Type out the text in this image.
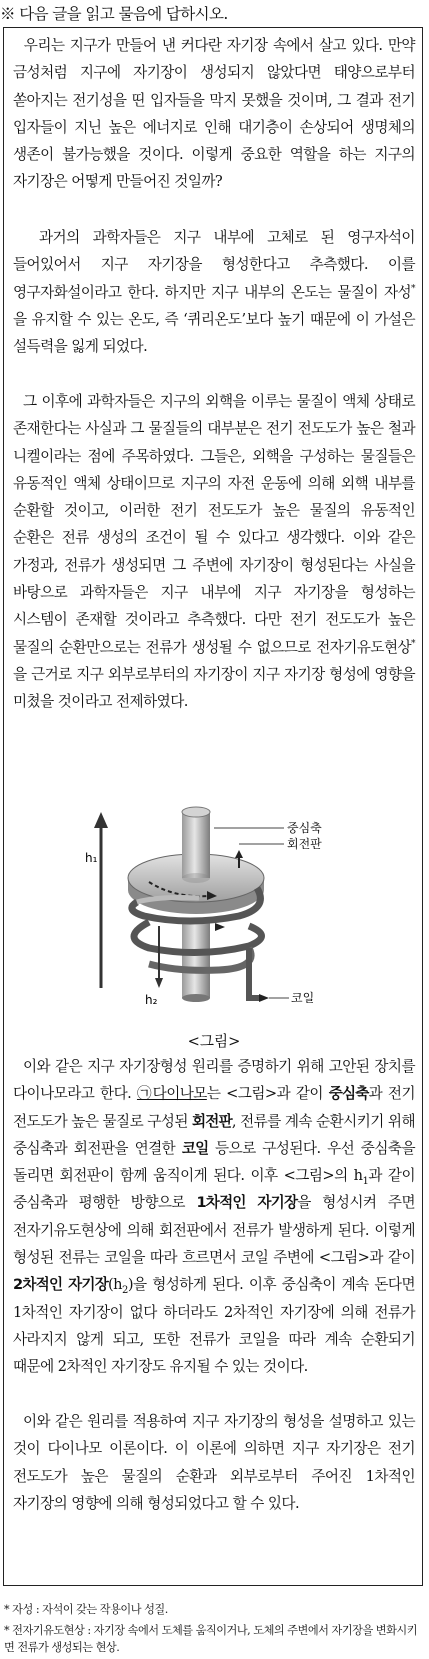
※ 다음 글을 읽고 물음에 답하시오.

우리는 지구가 만들어 낸 커다란 자기장 속에서 살고 있다. 만약 금성처럼 지구에 자기장이 생성되지 않았다면 태양으로부터 쏟아지는 전기성을 띤 입자들을 막지 못했을 것이며, 그 결과 전기 입자들이 지닌 높은 에너지로 인해 대기층이 손상되어 생명체의 생존이 불가능했을 것이다. 이렇게 중요한 역할을 하는 지구의 자기장은 어떻게 만들어진 것일까?

과거의 과학자들은 지구 내부에 고체로 된 영구자석이 들어있어서 지구 자기장을 형성한다고 추측했다. 이를 영구자화설이라고 한다. 하지만 지구 내부의 온도는 물질이 자성*을 유지할 수 있는 온도, 즉 ‘퀴리온도’보다 높기 때문에 이 가설은 설득력을 잃게 되었다.

그 이후에 과학자들은 지구의 외핵을 이루는 물질이 액체 상태로 존재한다는 사실과 그 물질들의 대부분은 전기 전도도가 높은 철과 니켈이라는 점에 주목하였다. 그들은, 외핵을 구성하는 물질들은 유동적인 액체 상태이므로 지구의 자전 운동에 의해 외핵 내부를 순환할 것이고, 이러한 전기 전도도가 높은 물질의 유동적인 순환은 전류 생성의 조건이 될 수 있다고 생각했다. 이와 같은 가정과, 전류가 생성되면 그 주변에 자기장이 형성된다는 사실을 바탕으로 과학자들은 지구 내부에 지구 자기장을 형성하는 시스템이 존재할 것이라고 추측했다. 다만 전기 전도도가 높은 물질의 순환만으로는 전류가 생성될 수 없으므로 전자기유도현상*을 근거로 지구 외부로부터의 자기장이 지구 자기장 형성에 영향을 미쳤을 것이라고 전제하였다.

h₁
h₂
중심축
회전판
코일
<그림>

이와 같은 지구 자기장형성 원리를 증명하기 위해 고안된 장치를 다이나모라고 한다. ㉠다이나모는 <그림>과 같이 중심축과 전기 전도도가 높은 물질로 구성된 회전판, 전류를 계속 순환시키기 위해 중심축과 회전판을 연결한 코일 등으로 구성된다. 우선 중심축을 돌리면 회전판이 함께 움직이게 된다. 이후 <그림>의 $h_1$과 같이 중심축과 평행한 방향으로 1차적인 자기장을 형성시켜 주면 전자기유도현상에 의해 회전판에서 전류가 발생하게 된다. 이렇게 형성된 전류는 코일을 따라 흐르면서 코일 주변에 <그림>과 같이 2차적인 자기장$(h_2)$을 형성하게 된다. 이후 중심축이 계속 돈다면 1차적인 자기장이 없다 하더라도 2차적인 자기장에 의해 전류가 사라지지 않게 되고, 또한 전류가 코일을 따라 계속 순환되기 때문에 2차적인 자기장도 유지될 수 있는 것이다.

이와 같은 원리를 적용하여 지구 자기장의 형성을 설명하고 있는 것이 다이나모 이론이다. 이 이론에 의하면 지구 자기장은 전기 전도도가 높은 물질의 순환과 외부로부터 주어진 1차적인 자기장의 영향에 의해 형성되었다고 할 수 있다.

* 자성 : 자석이 갖는 작용이나 성질.
* 전자기유도현상 : 자기장 속에서 도체를 움직이거나, 도체의 주변에서 자기장을 변화시키면 전류가 생성되는 현상.
